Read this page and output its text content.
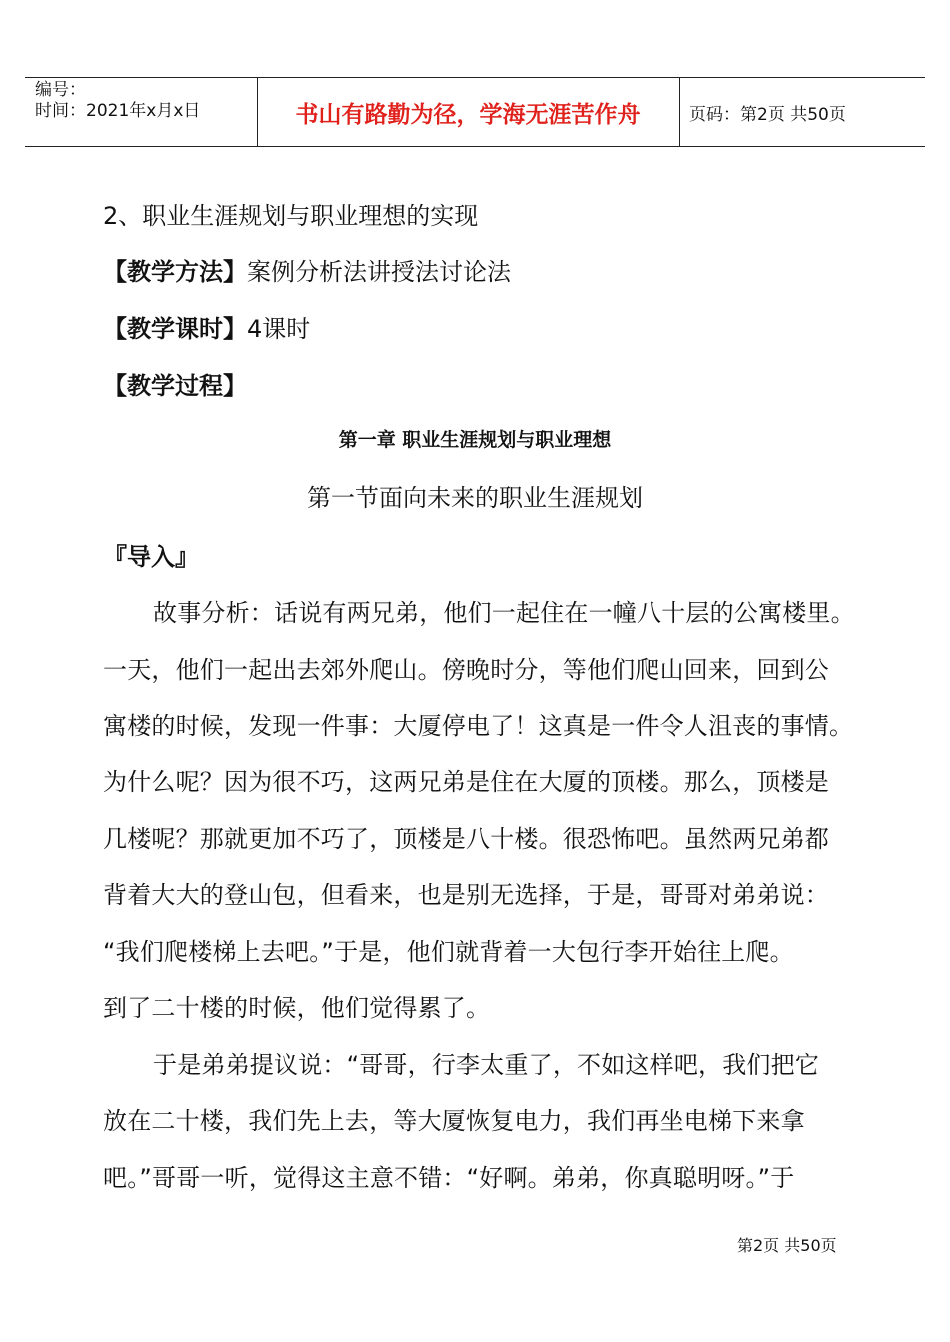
编号：
时间：2021年x月x日	书山有路勤为径，学海无涯苦作舟	页码：第2页 共50页
2、职业生涯规划与职业理想的实现
【教学方法】案例分析法讲授法讨论法
【教学课时】4课时
【教学过程】
第一章 职业生涯规划与职业理想
第一节面向未来的职业生涯规划
『导入』
故事分析：话说有两兄弟，他们一起住在一幢八十层的公寓楼里。
一天，他们一起出去郊外爬山。傍晚时分，等他们爬山回来，回到公
寓楼的时候，发现一件事：大厦停电了！这真是一件令人沮丧的事情。
为什么呢？因为很不巧，这两兄弟是住在大厦的顶楼。那么，顶楼是
几楼呢？那就更加不巧了，顶楼是八十楼。很恐怖吧。虽然两兄弟都
背着大大的登山包，但看来，也是别无选择，于是，哥哥对弟弟说：
“我们爬楼梯上去吧。”于是，他们就背着一大包行李开始往上爬。
到了二十楼的时候，他们觉得累了。
于是弟弟提议说：“哥哥，行李太重了，不如这样吧，我们把它
放在二十楼，我们先上去，等大厦恢复电力，我们再坐电梯下来拿
吧。”哥哥一听，觉得这主意不错：“好啊。弟弟，你真聪明呀。”于
第2页 共50页
